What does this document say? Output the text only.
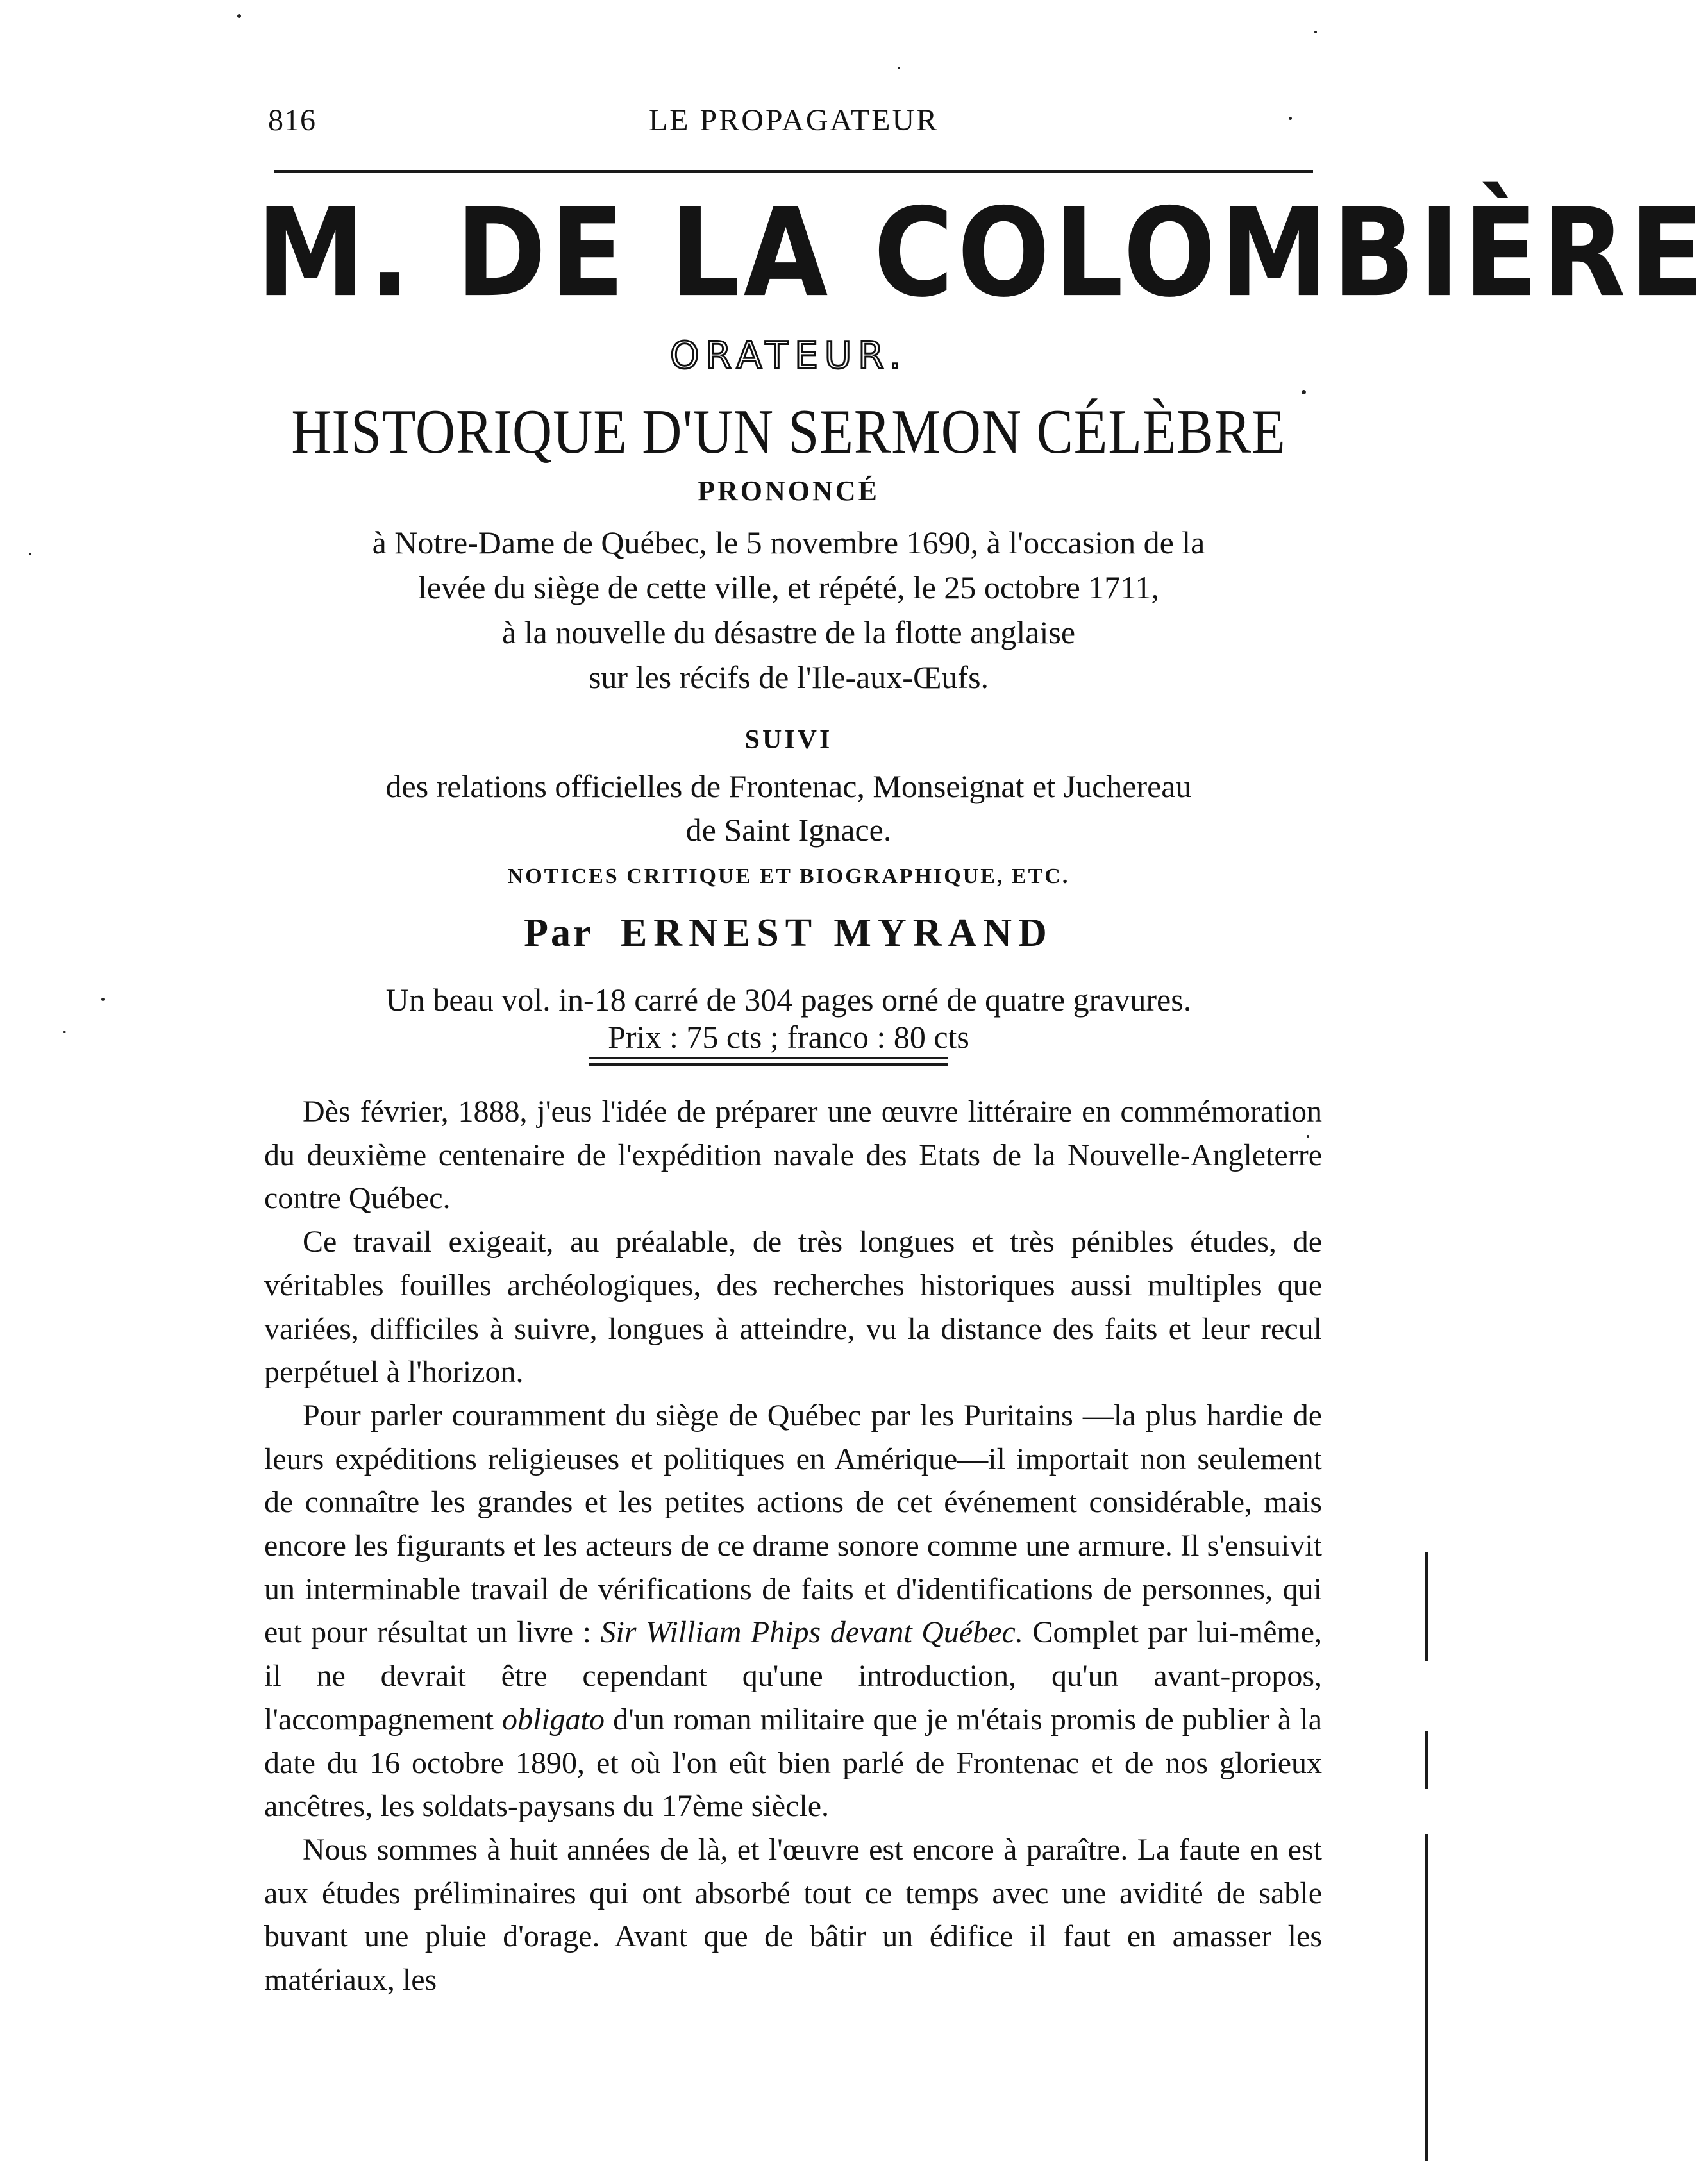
816	LE PROPAGATEUR
M. DE LA COLOMBIÈRE
ORATEUR.
HISTORIQUE D'UN SERMON CÉLÈBRE
PRONONCÉ
à Notre-Dame de Québec, le 5 novembre 1690, à l'occasion de la
levée du siège de cette ville, et répété, le 25 octobre 1711,
à la nouvelle du désastre de la flotte anglaise
sur les récifs de l'Ile-aux-Œufs.
SUIVI
des relations officielles de Frontenac, Monseignat et Juchereau
de Saint Ignace.
NOTICES CRITIQUE ET BIOGRAPHIQUE, ETC.
Par ERNEST MYRAND
Un beau vol. in-18 carré de 304 pages orné de quatre gravures.
Prix : 75 cts ; franco : 80 cts

Dès février, 1888, j'eus l'idée de préparer une œuvre littéraire en commémoration du deuxième centenaire de l'expédition navale des Etats de la Nouvelle-Angleterre contre Québec.

Ce travail exigeait, au préalable, de très longues et très pénibles études, de véritables fouilles archéologiques, des recherches historiques aussi multiples que variées, difficiles à suivre, longues à atteindre, vu la distance des faits et leur recul perpétuel à l'horizon.

Pour parler couramment du siège de Québec par les Puritains —la plus hardie de leurs expéditions religieuses et politiques en Amérique—il importait non seulement de connaître les grandes et les petites actions de cet événement considérable, mais encore les figurants et les acteurs de ce drame sonore comme une armure. Il s'ensuivit un interminable travail de vérifications de faits et d'identifications de personnes, qui eut pour résultat un livre : Sir William Phips devant Québec. Complet par lui-même, il ne devrait être cependant qu'une introduction, qu'un avant-propos, l'accompagnement obligato d'un roman militaire que je m'étais promis de publier à la date du 16 octobre 1890, et où l'on eût bien parlé de Frontenac et de nos glorieux ancêtres, les soldats-paysans du 17ème siècle.

Nous sommes à huit années de là, et l'œuvre est encore à paraître. La faute en est aux études préliminaires qui ont absorbé tout ce temps avec une avidité de sable buvant une pluie d'orage. Avant que de bâtir un édifice il faut en amasser les matériaux, les
